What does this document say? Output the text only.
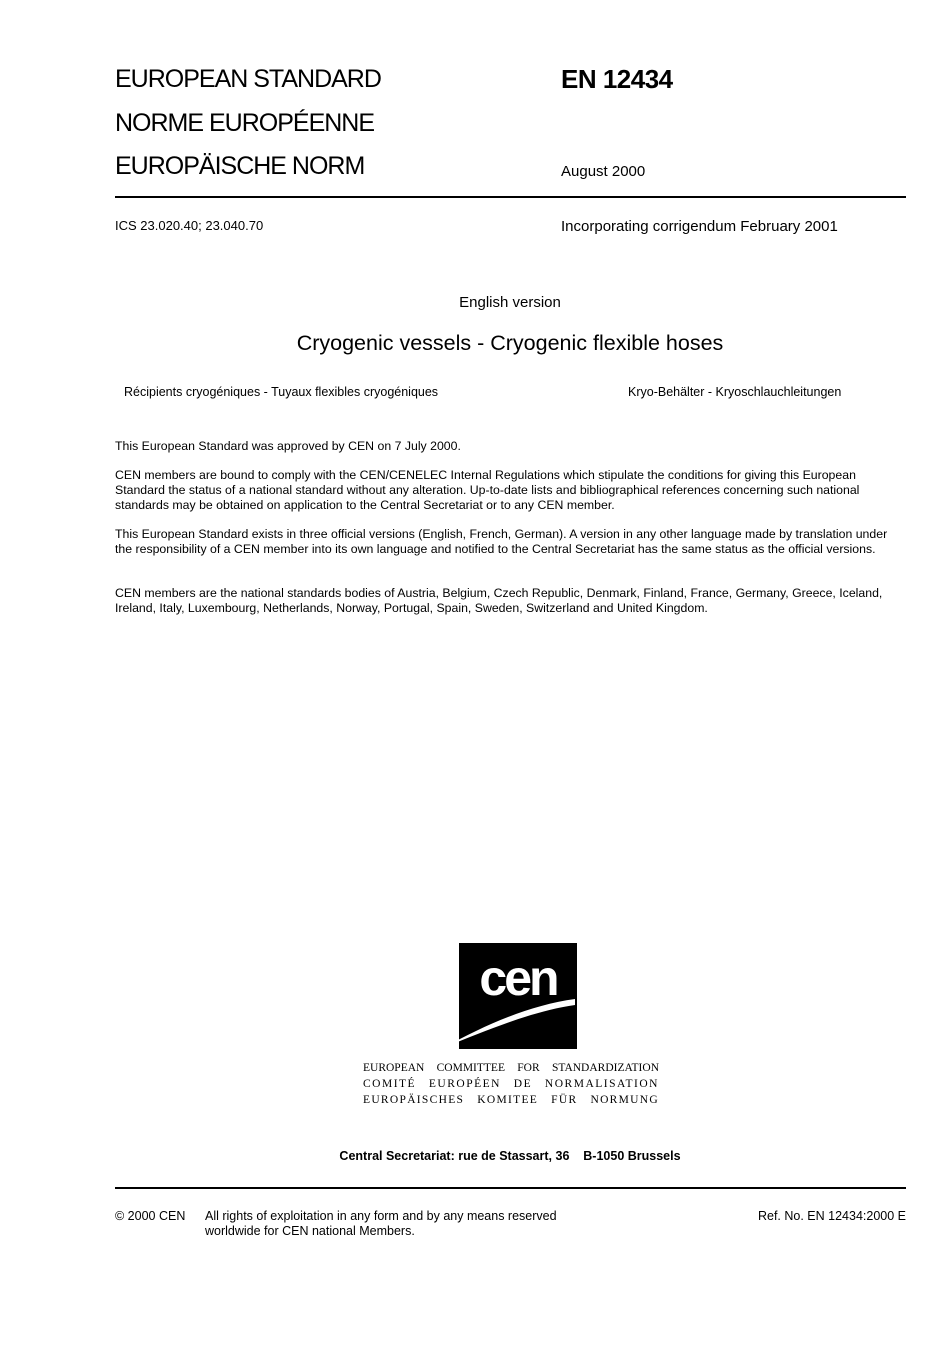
EUROPEAN STANDARD
NORME EUROPÉENNE
EUROPÄISCHE NORM
EN 12434
August 2000
ICS 23.020.40; 23.040.70	Incorporating corrigendum February 2001
English version
Cryogenic vessels - Cryogenic flexible hoses
Récipients cryogéniques - Tuyaux flexibles cryogéniques	Kryo-Behälter - Kryoschlauchleitungen

This European Standard was approved by CEN on 7 July 2000.

CEN members are bound to comply with the CEN/CENELEC Internal Regulations which stipulate the conditions for giving this European Standard the status of a national standard without any alteration. Up-to-date lists and bibliographical references concerning such national standards may be obtained on application to the Central Secretariat or to any CEN member.

This European Standard exists in three official versions (English, French, German). A version in any other language made by translation under the responsibility of a CEN member into its own language and notified to the Central Secretariat has the same status as the official versions.

CEN members are the national standards bodies of Austria, Belgium, Czech Republic, Denmark, Finland, France, Germany, Greece, Iceland, Ireland, Italy, Luxembourg, Netherlands, Norway, Portugal, Spain, Sweden, Switzerland and United Kingdom.

cen
EUROPEAN COMMITTEE FOR STANDARDIZATION
COMITÉ EUROPÉEN DE NORMALISATION
EUROPÄISCHES KOMITEE FÜR NORMUNG
Central Secretariat: rue de Stassart, 36    B-1050 Brussels
© 2000 CEN All rights of exploitation in any form and by any means reserved worldwide for CEN national Members.
Ref. No. EN 12434:2000 E
